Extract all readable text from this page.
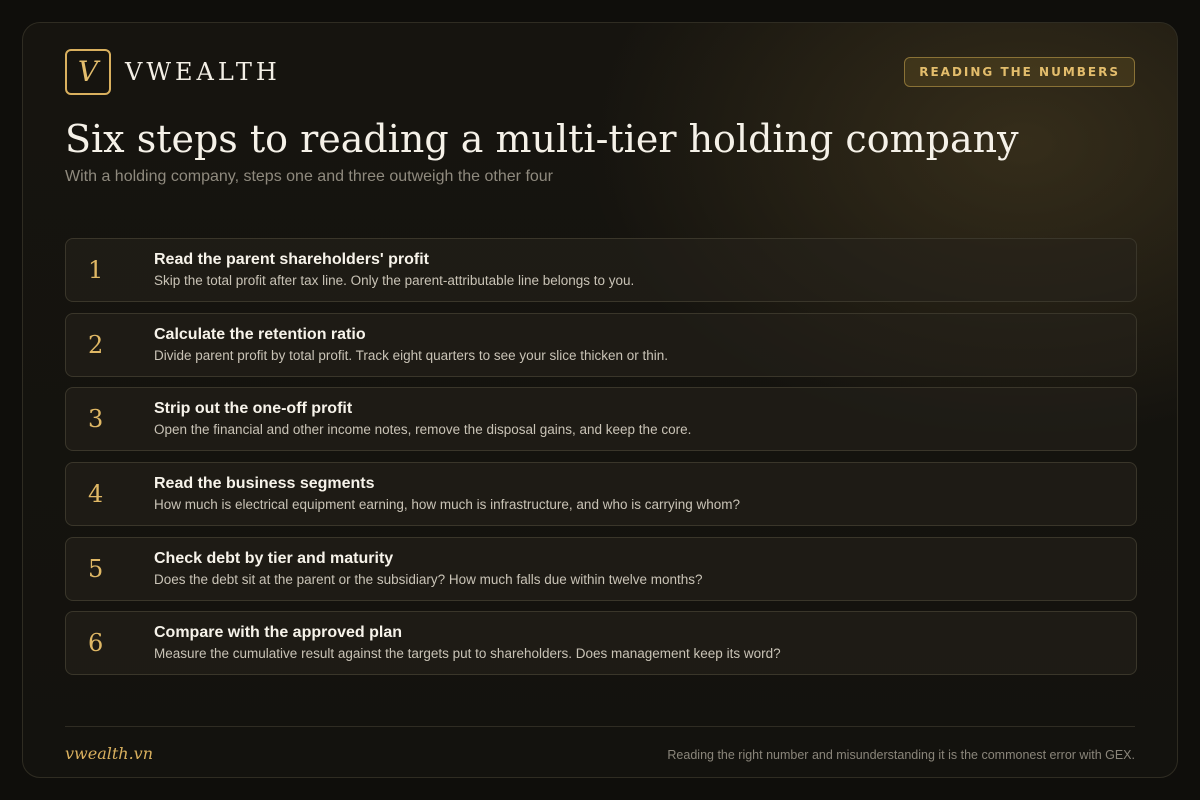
V VWEALTH	READING THE NUMBERS
Six steps to reading a multi-tier holding company
With a holding company, steps one and three outweigh the other four
1	Read the parent shareholders' profit
Skip the total profit after tax line. Only the parent-attributable line belongs to you.
2	Calculate the retention ratio
Divide parent profit by total profit. Track eight quarters to see your slice thicken or thin.
3	Strip out the one-off profit
Open the financial and other income notes, remove the disposal gains, and keep the core.
4	Read the business segments
How much is electrical equipment earning, how much is infrastructure, and who is carrying whom?
5	Check debt by tier and maturity
Does the debt sit at the parent or the subsidiary? How much falls due within twelve months?
6	Compare with the approved plan
Measure the cumulative result against the targets put to shareholders. Does management keep its word?
vwealth.vn	Reading the right number and misunderstanding it is the commonest error with GEX.
